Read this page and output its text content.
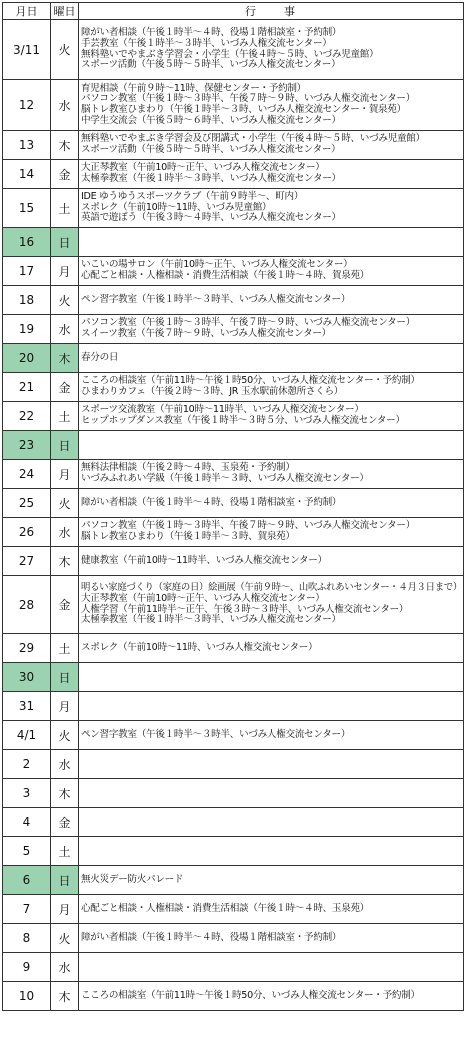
月日	曜日	行　　事
3/11	火	障がい者相談（午後１時半～４時、役場１階相談室・予約制）
手芸教室（午後１時半～３時半、いづみ人権交流センター）
無料塾いでやまぶき学習会・小学生（午後４時～５時、いづみ児童館）
スポーツ活動（午後５時～５時半、いづみ人権交流センター）

12	水	育児相談（午前９時～11時、保健センター・予約制）
パソコン教室（午後１時～３時半、午後７時～９時、いづみ人権交流センター）
脳トレ教室ひまわり（午後１時半～３時、いづみ人権交流センター・賀泉苑）
中学生交流会（午後５時～６時半、いづみ人権交流センター）

13	木	無料塾いでやまぶき学習会及び閉講式・小学生（午後４時～５時、いづみ児童館）
スポーツ活動（午後５時～５時半、いづみ人権交流センター）

14	金	大正琴教室（午前10時～正午、いづみ人権交流センター）
太極拳教室（午後１時半～３時半、いづみ人権交流センター）

15	土	IDE ゆうゆうスポーツクラブ（午前９時半～、町内）
スポレク（午前10時～11時、いづみ児童館）
英語で遊ぼう（午後３時～４時半、いづみ人権交流センター）

16	日	
17	月	いこいの場サロン（午前10時～正午、いづみ人権交流センター）
心配ごと相談・人権相談・消費生活相談（午後１時～４時、賀泉苑）

18	火	ペン習字教室（午後１時半～３時半、いづみ人権交流センター）

19	水	パソコン教室（午後１時～３時半、午後７時～９時、いづみ人権交流センター）
スイーツ教室（午後７時～９時、いづみ人権交流センター）

20	木	春分の日

21	金	こころの相談室（午前11時～午後１時50分、いづみ人権交流センター・予約制）
ひまわりカフェ（午後２時～３時、JR 玉水駅前休憩所さくら）

22	土	スポーツ交流教室（午前10時～11時半、いづみ人権交流センター）
ヒップホップダンス教室（午後１時半～３時５分、いづみ人権交流センター）

23	日	
24	月	無料法律相談（午後２時～４時、玉泉苑・予約制）
いづみふれあい学級（午後１時半～３時、いづみ人権交流センター）

25	火	障がい者相談（午後１時半～４時、役場１階相談室・予約制）

26	水	パソコン教室（午後１時～３時半、午後７時～９時、いづみ人権交流センター）
脳トレ教室ひまわり（午後１時半～３時、賀泉苑）

27	木	健康教室（午前10時～11時半、いづみ人権交流センター）

28	金	明るい家庭づくり（家庭の日）絵画展（午前９時～、山吹ふれあいセンター・４月３日まで）
大正琴教室（午前10時～正午、いづみ人権交流センター）
人権学習（午前11時半～正午、午後３時～３時半、いづみ人権交流センター）
太極拳教室（午後１時半～３時半、いづみ人権交流センター）

29	土	スポレク（午前10時～11時、いづみ人権交流センター）

30	日	
31	月	
4/1	火	ペン習字教室（午後１時半～３時半、いづみ人権交流センター）

2	水	
3	木	
4	金	
5	土	
6	日	無火災デー防火パレード

7	月	心配ごと相談・人権相談・消費生活相談（午後１時～４時、玉泉苑）

8	火	障がい者相談（午後１時半～４時、役場１階相談室・予約制）

9	水	
10	木	こころの相談室（午前11時～午後１時50分、いづみ人権交流センター・予約制）
